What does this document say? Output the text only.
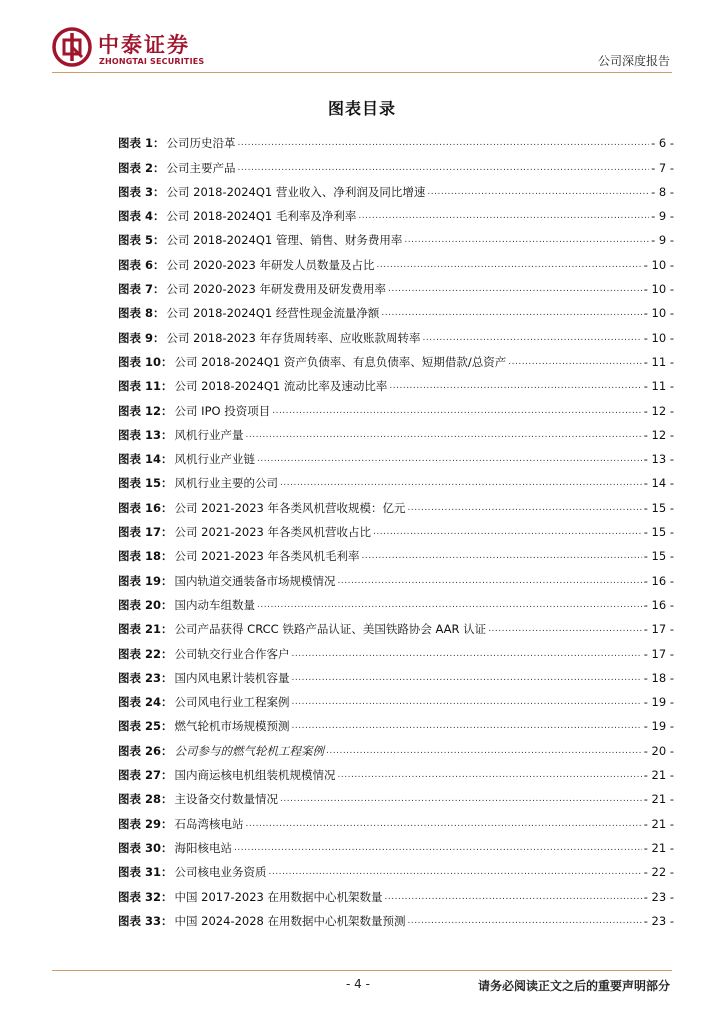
中泰证券
ZHONGTAI SECURITIES	公司深度报告
图表目录
图表 1： 公司历史沿革 .....	- 6 -
图表 2： 公司主要产品 .....	- 7 -
图表 3： 公司 2018-2024Q1 营业收入、净利润及同比增速 .....	- 8 -
图表 4： 公司 2018-2024Q1 毛利率及净利率 .....	- 9 -
图表 5： 公司 2018-2024Q1 管理、销售、财务费用率 .....	- 9 -
图表 6： 公司 2020-2023 年研发人员数量及占比 .....	- 10 -
图表 7： 公司 2020-2023 年研发费用及研发费用率 .....	- 10 -
图表 8： 公司 2018-2024Q1 经营性现金流量净额 .....	- 10 -
图表 9： 公司 2018-2023 年存货周转率、应收账款周转率 .....	- 10 -
图表 10： 公司 2018-2024Q1 资产负债率、有息负债率、短期借款/总资产 .....	- 11 -
图表 11： 公司 2018-2024Q1 流动比率及速动比率 .....	- 11 -
图表 12： 公司 IPO 投资项目 .....	- 12 -
图表 13： 风机行业产量 .....	- 12 -
图表 14： 风机行业产业链 .....	- 13 -
图表 15： 风机行业主要的公司 .....	- 14 -
图表 16： 公司 2021-2023 年各类风机营收规模：亿元 .....	- 15 -
图表 17： 公司 2021-2023 年各类风机营收占比 .....	- 15 -
图表 18： 公司 2021-2023 年各类风机毛利率 .....	- 15 -
图表 19： 国内轨道交通装备市场规模情况 .....	- 16 -
图表 20： 国内动车组数量 .....	- 16 -
图表 21： 公司产品获得 CRCC 铁路产品认证、美国铁路协会 AAR 认证 .....	- 17 -
图表 22： 公司轨交行业合作客户 .....	- 17 -
图表 23： 国内风电累计装机容量 .....	- 18 -
图表 24： 公司风电行业工程案例 .....	- 19 -
图表 25： 燃气轮机市场规模预测 .....	- 19 -
图表 26： 公司参与的燃气轮机工程案例 .....	- 20 -
图表 27： 国内商运核电机组装机规模情况 .....	- 21 -
图表 28： 主设备交付数量情况 .....	- 21 -
图表 29： 石岛湾核电站 .....	- 21 -
图表 30： 海阳核电站 .....	- 21 -
图表 31： 公司核电业务资质 .....	- 22 -
图表 32： 中国 2017-2023 在用数据中心机架数量 .....	- 23 -
图表 33： 中国 2024-2028 在用数据中心机架数量预测 .....	- 23 -
- 4 -	请务必阅读正文之后的重要声明部分
